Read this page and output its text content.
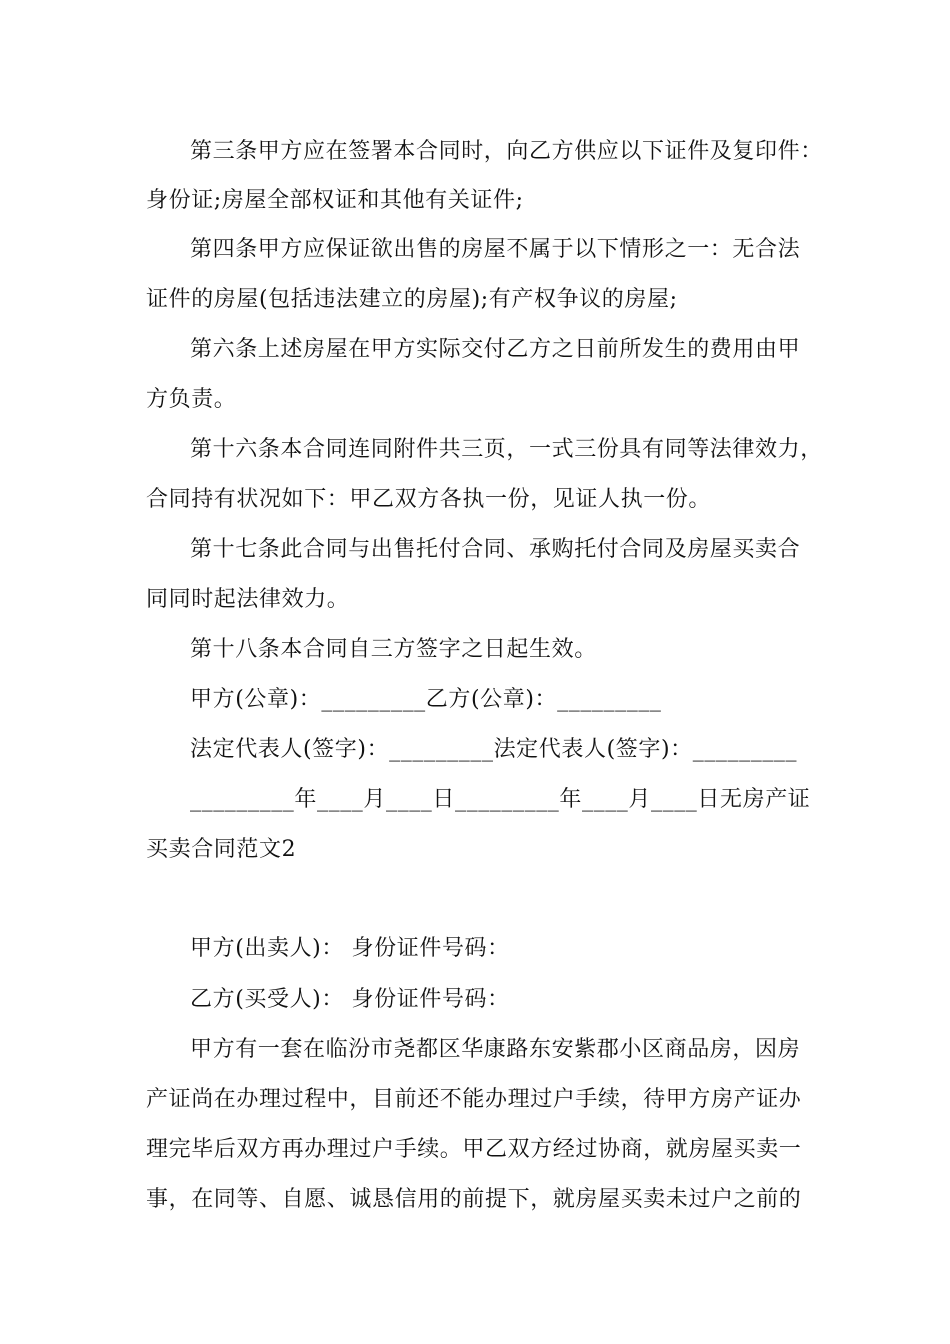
第三条甲方应在签署本合同时，向乙方供应以下证件及复印件：
身份证;房屋全部权证和其他有关证件;
第四条甲方应保证欲出售的房屋不属于以下情形之一：无合法
证件的房屋(包括违法建立的房屋);有产权争议的房屋;
第六条上述房屋在甲方实际交付乙方之日前所发生的费用由甲
方负责。
第十六条本合同连同附件共三页，一式三份具有同等法律效力，
合同持有状况如下：甲乙双方各执一份，见证人执一份。
第十七条此合同与出售托付合同、承购托付合同及房屋买卖合
同同时起法律效力。
第十八条本合同自三方签字之日起生效。
甲方(公章)：_________乙方(公章)：_________
法定代表人(签字)：_________法定代表人(签字)：_________
_________年____月____日_________年____月____日无房产证
买卖合同范文2
甲方(出卖人)： 身份证件号码：
乙方(买受人)： 身份证件号码：
甲方有一套在临汾市尧都区华康路东安紫郡小区商品房，因房
产证尚在办理过程中，目前还不能办理过户手续，待甲方房产证办
理完毕后双方再办理过户手续。甲乙双方经过协商，就房屋买卖一
事，在同等、自愿、诚恳信用的前提下，就房屋买卖未过户之前的
